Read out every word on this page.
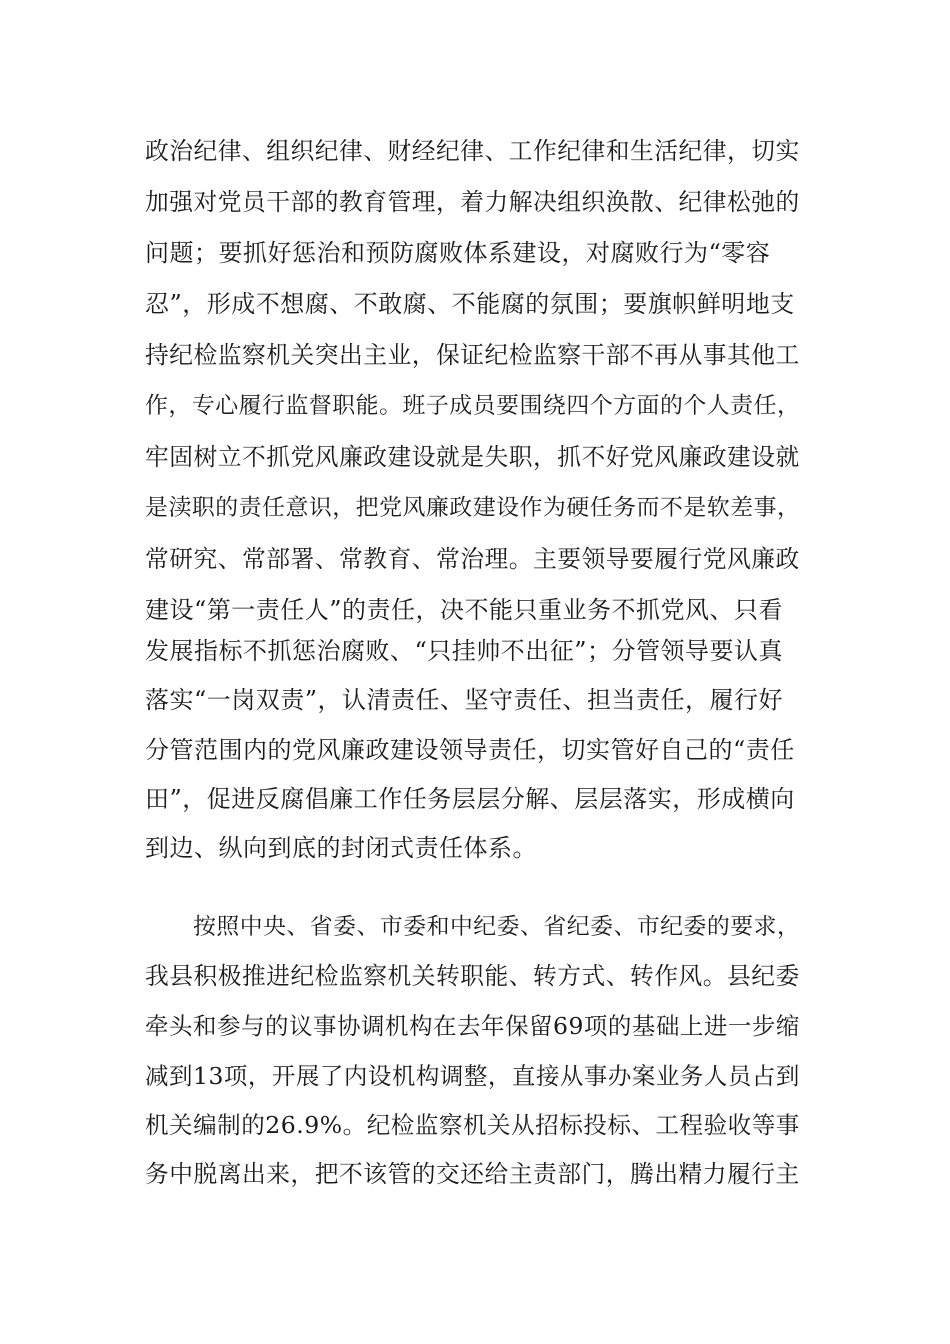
政治纪律、组织纪律、财经纪律、工作纪律和生活纪律，切实
加强对党员干部的教育管理，着力解决组织涣散、纪律松弛的
问题；要抓好惩治和预防腐败体系建设，对腐败行为“零容
忍”，形成不想腐、不敢腐、不能腐的氛围；要旗帜鲜明地支
持纪检监察机关突出主业，保证纪检监察干部不再从事其他工
作，专心履行监督职能。班子成员要围绕四个方面的个人责任，
牢固树立不抓党风廉政建设就是失职，抓不好党风廉政建设就
是渎职的责任意识，把党风廉政建设作为硬任务而不是软差事，
常研究、常部署、常教育、常治理。主要领导要履行党风廉政
建设“第一责任人”的责任，决不能只重业务不抓党风、只看
发展指标不抓惩治腐败、“只挂帅不出征”；分管领导要认真
落实“一岗双责”，认清责任、坚守责任、担当责任，履行好
分管范围内的党风廉政建设领导责任，切实管好自己的“责任
田”，促进反腐倡廉工作任务层层分解、层层落实，形成横向
到边、纵向到底的封闭式责任体系。
按照中央、省委、市委和中纪委、省纪委、市纪委的要求，
我县积极推进纪检监察机关转职能、转方式、转作风。县纪委
牵头和参与的议事协调机构在去年保留69项的基础上进一步缩
减到13项，开展了内设机构调整，直接从事办案业务人员占到
机关编制的26.9%。纪检监察机关从招标投标、工程验收等事
务中脱离出来，把不该管的交还给主责部门，腾出精力履行主
